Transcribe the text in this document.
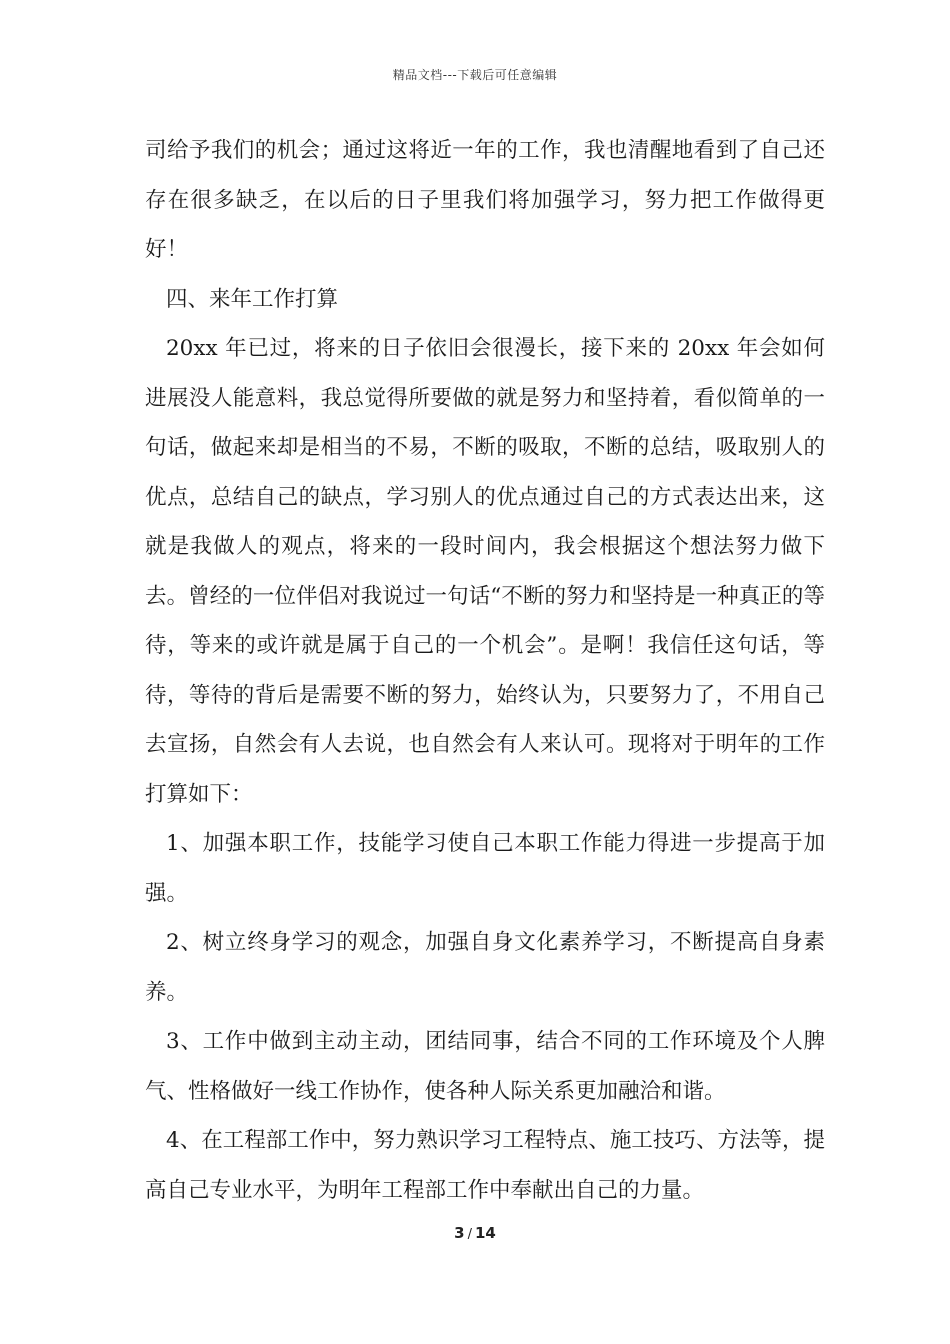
精品文档---下载后可任意编辑

司给予我们的机会；通过这将近一年的工作，我也清醒地看到了自己还存在很多缺乏，在以后的日子里我们将加强学习，努力把工作做得更好！

四、来年工作打算

20xx 年已过，将来的日子依旧会很漫长，接下来的 20xx 年会如何进展没人能意料，我总觉得所要做的就是努力和坚持着，看似简单的一句话，做起来却是相当的不易，不断的吸取，不断的总结，吸取别人的优点，总结自己的缺点，学习别人的优点通过自己的方式表达出来，这就是我做人的观点，将来的一段时间内，我会根据这个想法努力做下去。曾经的一位伴侣对我说过一句话“不断的努力和坚持是一种真正的等待，等来的或许就是属于自己的一个机会”。是啊！我信任这句话，等待，等待的背后是需要不断的努力，始终认为，只要努力了，不用自己去宣扬，自然会有人去说，也自然会有人来认可。现将对于明年的工作打算如下：

1、加强本职工作，技能学习使自己本职工作能力得进一步提高于加强。

2、树立终身学习的观念，加强自身文化素养学习，不断提高自身素养。

3、工作中做到主动主动，团结同事，结合不同的工作环境及个人脾气、性格做好一线工作协作，使各种人际关系更加融洽和谐。

4、在工程部工作中，努力熟识学习工程特点、施工技巧、方法等，提高自己专业水平，为明年工程部工作中奉献出自己的力量。

3 / 14
